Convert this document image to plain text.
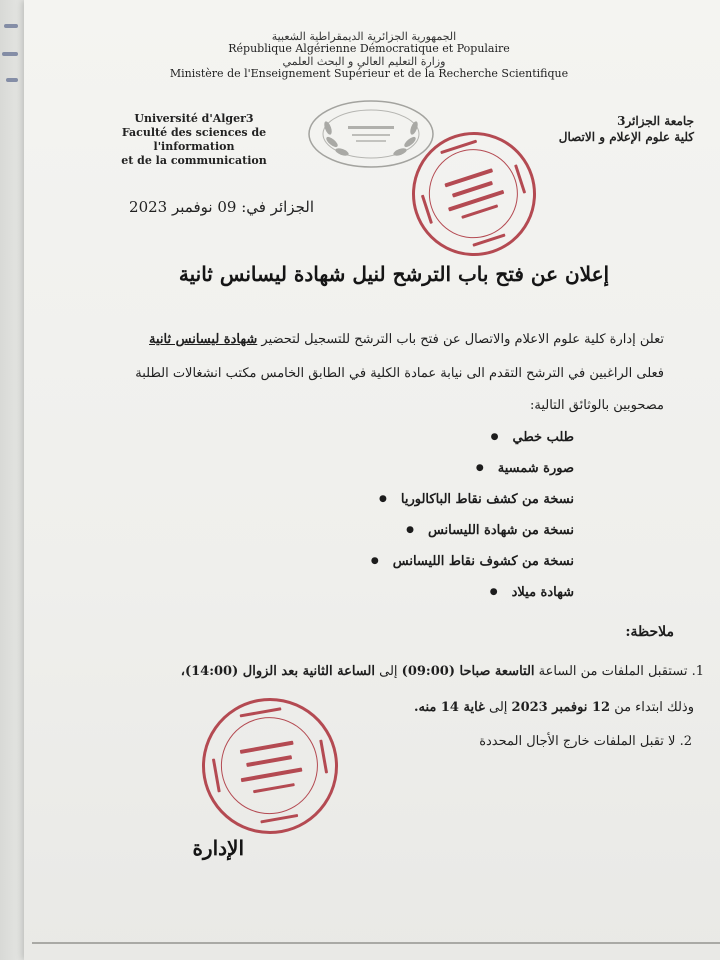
الجمهورية الجزائرية الديمقراطية الشعبية
République Algérienne Démocratique et Populaire
وزارة التعليم العالي و البحث العلمي
Ministère de l'Enseignement Supérieur et de la Recherche Scientifique
Université d'Alger3
Faculté des sciences de l'information
et de la communication
جامعة الجزائر3
كلية علوم الإعلام و الاتصال
الجزائر في: 09 نوفمبر 2023
إعلان عن فتح باب الترشح لنيل شهادة ليسانس ثانية
تعلن إدارة كلية علوم الاعلام والاتصال عن فتح باب الترشح للتسجيل لتحضير شهادة ليسانس ثانية
فعلى الراغبين في الترشح التقدم الى نيابة عمادة الكلية في الطابق الخامس مكتب انشغالات الطلبة
مصحوبين بالوثائق التالية:
طلب خطي ●
صورة شمسية ●
نسخة من كشف نقاط الباكالوريا ●
نسخة من شهادة الليسانس ●
نسخة من كشوف نقاط الليسانس ●
شهادة ميلاد ●
ملاحظة:
1. تستقبل الملفات من الساعة التاسعة صباحا (09:00) إلى الساعة الثانية بعد الزوال (14:00)،
وذلك ابتداء من 12 نوفمبر 2023 إلى غاية 14 منه.
2. لا تقبل الملفات خارج الأجال المحددة
الإدارة
